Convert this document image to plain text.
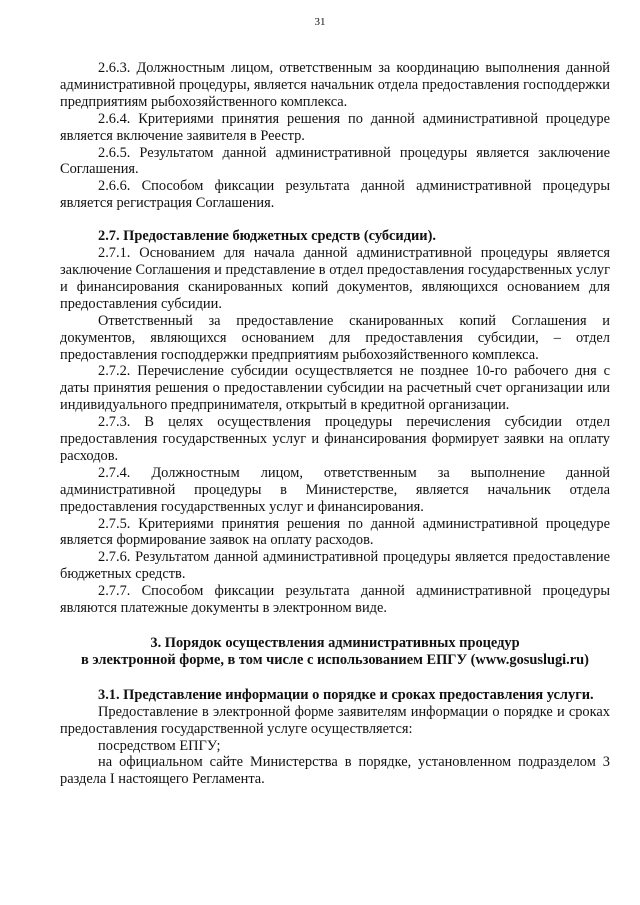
31

2.6.3. Должностным лицом, ответственным за координацию выполнения данной административной процедуры, является начальник отдела предоставления господдержки предприятиям рыбохозяйственного комплекса.

2.6.4. Критериями принятия решения по данной административной процедуре является включение заявителя в Реестр.

2.6.5. Результатом данной административной процедуры является заключение Соглашения.

2.6.6. Способом фиксации результата данной административной процедуры является регистрация Соглашения.

2.7. Предоставление бюджетных средств (субсидии).

2.7.1. Основанием для начала данной административной процедуры является заключение Соглашения и представление в отдел предоставления государственных услуг и финансирования сканированных копий документов, являющихся основанием для предоставления субсидии.

Ответственный за предоставление сканированных копий Соглашения и документов, являющихся основанием для предоставления субсидии, – отдел предоставления господдержки предприятиям рыбохозяйственного комплекса.

2.7.2. Перечисление субсидии осуществляется не позднее 10-го рабочего дня с даты принятия решения о предоставлении субсидии на расчетный счет организации или индивидуального предпринимателя, открытый в кредитной организации.

2.7.3. В целях осуществления процедуры перечисления субсидии отдел предоставления государственных услуг и финансирования формирует заявки на оплату расходов.

2.7.4. Должностным лицом, ответственным за выполнение данной административной процедуры в Министерстве, является начальник отдела предоставления государственных услуг и финансирования.

2.7.5. Критериями принятия решения по данной административной процедуре является формирование заявок на оплату расходов.

2.7.6. Результатом данной административной процедуры является предоставление бюджетных средств.

2.7.7. Способом фиксации результата данной административной процедуры являются платежные документы в электронном виде.

3. Порядок осуществления административных процедур

в электронной форме, в том числе с использованием ЕПГУ (www.gosuslugi.ru)

3.1. Представление информации о порядке и сроках предоставления услуги.

Предоставление в электронной форме заявителям информации о порядке и сроках предоставления государственной услуге осуществляется:

посредством ЕПГУ;

на официальном сайте Министерства в порядке, установленном подразделом 3 раздела I настоящего Регламента.
